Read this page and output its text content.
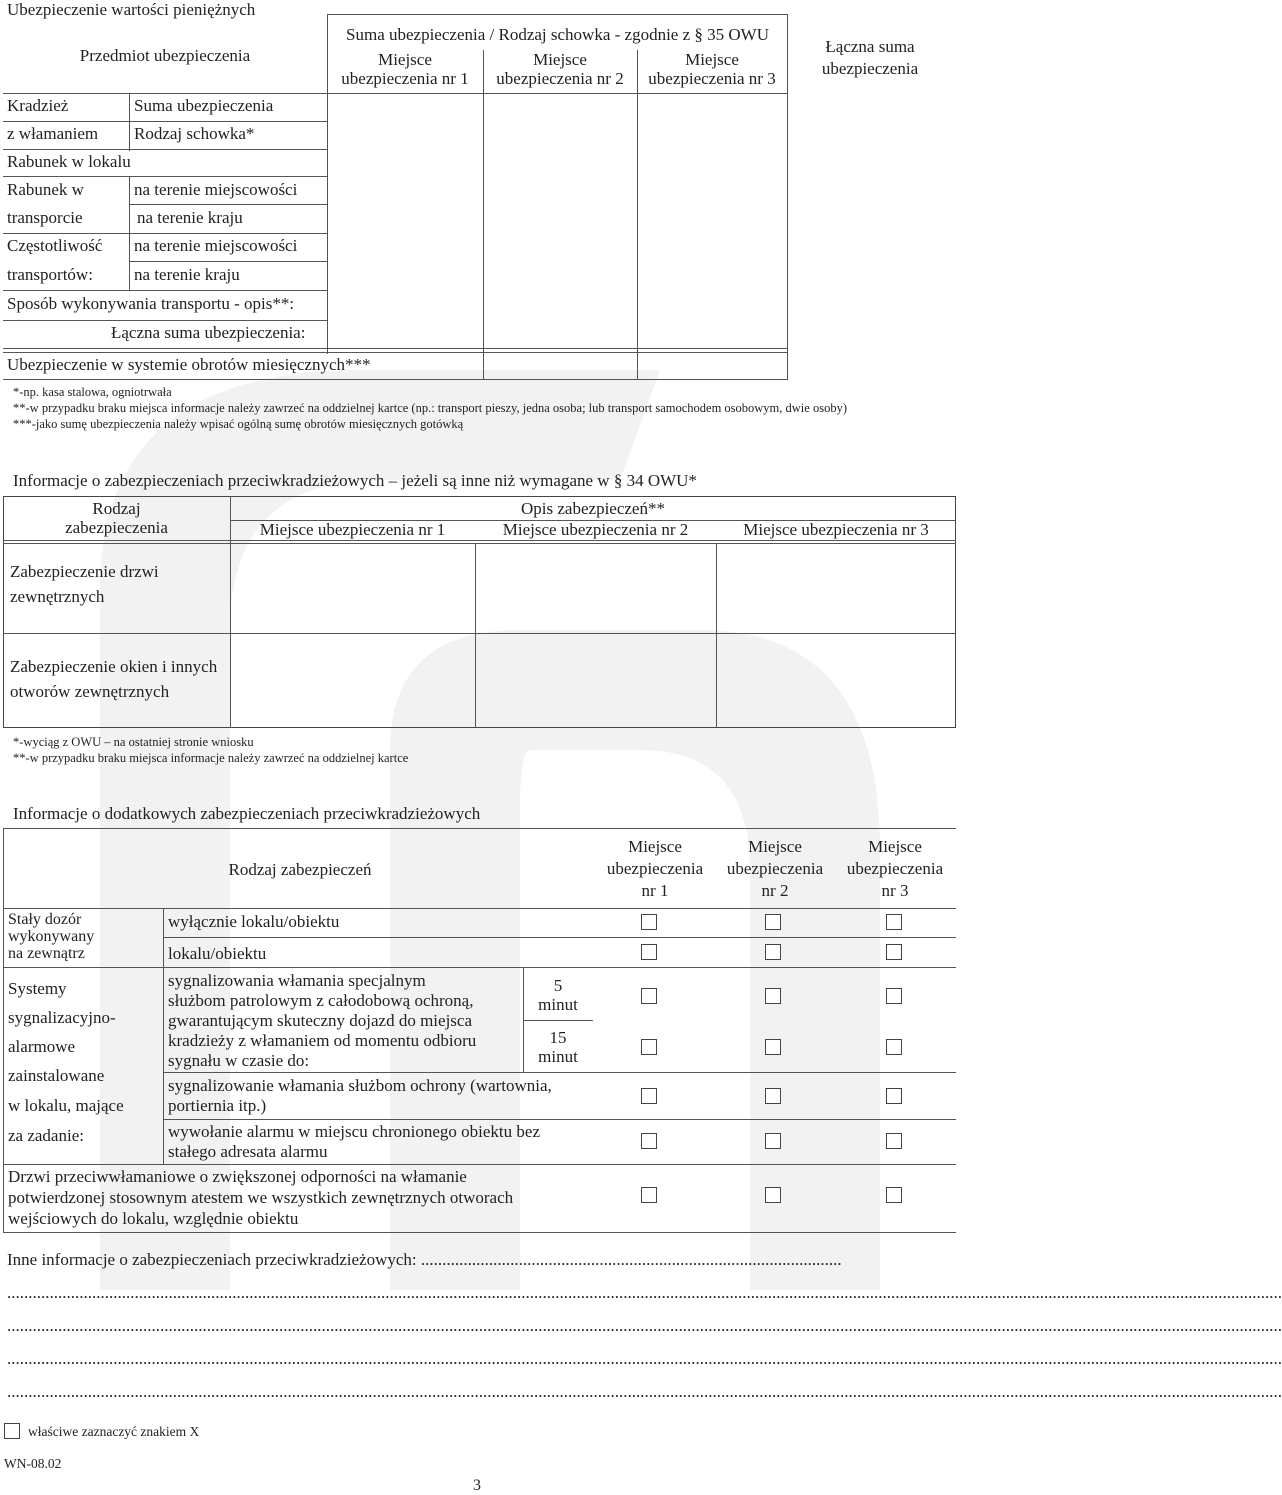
Ubezpieczenie wartości pieniężnych
Przedmiot ubezpieczenia
Suma ubezpieczenia / Rodzaj schowka - zgodnie z § 35 OWU
Miejsce
ubezpieczenia nr 1
Miejsce
ubezpieczenia nr 2
Miejsce
ubezpieczenia nr 3
Łączna suma
ubezpieczenia
Kradzież
z włamaniem
Suma ubezpieczenia
Rodzaj schowka*
Rabunek w lokalu
Rabunek w
transporcie
na terenie miejscowości
na terenie kraju
Częstotliwość
transportów:
na terenie miejscowości
na terenie kraju
Sposób wykonywania transportu - opis**:
Łączna suma ubezpieczenia:
Ubezpieczenie w systemie obrotów miesięcznych***
*-np. kasa stalowa, ogniotrwała
**-w przypadku braku miejsca informacje należy zawrzeć na oddzielnej kartce (np.: transport pieszy, jedna osoba; lub transport samochodem osobowym, dwie osoby)
***-jako sumę ubezpieczenia należy wpisać ogólną sumę obrotów miesięcznych gotówką
Informacje o zabezpieczeniach przeciwkradzieżowych – jeżeli są inne niż wymagane w § 34 OWU*
Rodzaj
zabezpieczenia
Opis zabezpieczeń**
Miejsce ubezpieczenia nr 1	Miejsce ubezpieczenia nr 2	Miejsce ubezpieczenia nr 3
Zabezpieczenie drzwi
zewnętrznych
Zabezpieczenie okien i innych
otworów zewnętrznych
*-wyciąg z OWU – na ostatniej stronie wniosku
**-w przypadku braku miejsca informacje należy zawrzeć na oddzielnej kartce
Informacje o dodatkowych zabezpieczeniach przeciwkradzieżowych
Rodzaj zabezpieczeń
Miejsce
ubezpieczenia
nr 1
Miejsce
ubezpieczenia
nr 2
Miejsce
ubezpieczenia
nr 3
Stały dozór
wykonywany
na zewnątrz
wyłącznie lokalu/obiektu
lokalu/obiektu
Systemy
sygnalizacyjno-
alarmowe
zainstalowane
w lokalu, mające
za zadanie:
sygnalizowania włamania specjalnym
służbom patrolowym z całodobową ochroną,
gwarantującym skuteczny dojazd do miejsca
kradzieży z włamaniem od momentu odbioru
sygnału w czasie do:
5
minut
15
minut
sygnalizowanie włamania służbom ochrony (wartownia,
portiernia itp.)
wywołanie alarmu w miejscu chronionego obiektu bez
stałego adresata alarmu
Drzwi przeciwwłamaniowe o zwiększonej odporności na włamanie
potwierdzonej stosownym atestem we wszystkich zewnętrznych otworach
wejściowych do lokalu, względnie obiektu
Inne informacje o zabezpieczeniach przeciwkradzieżowych: ...................................................................................................
............................................................................................................................................................................................................................................................................................................
............................................................................................................................................................................................................................................................................................................
............................................................................................................................................................................................................................................................................................................
............................................................................................................................................................................................................................................................................................................
właściwe zaznaczyć znakiem X
WN-08.02
3
